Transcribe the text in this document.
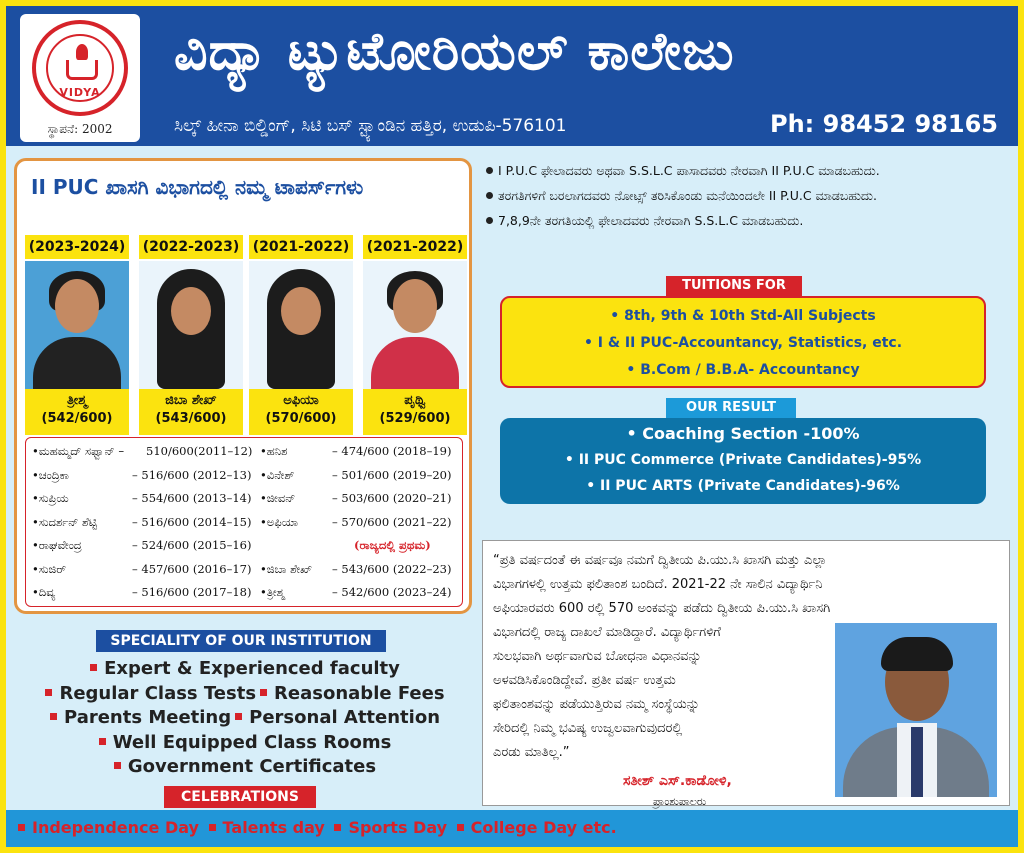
VIDYA
ಸ್ಥಾಪನೆ: 2002
ವಿದ್ಯಾ ಟ್ಯುಟೋರಿಯಲ್ ಕಾಲೇಜು
ಸಿಲ್ಕ್ ಹೀನಾ ಬಿಲ್ಡಿಂಗ್, ಸಿಟಿ ಬಸ್ ಸ್ಟ್ಯಾಂಡಿನ ಹತ್ತಿರ, ಉಡುಪಿ-576101	Ph: 98452 98165
II PUC ಖಾಸಗಿ ವಿಭಾಗದಲ್ಲಿ ನಮ್ಮ ಟಾಪರ್ಸ್‌ಗಳು
(2023-2024)
ತ್ರೀಶ್ಮ
(542/600)
(2022-2023)
ಜಿಬಾ ಶೇಖ್
(543/600)
(2021-2022)
ಅಫಿಯಾ
(570/600)
(2021-2022)
ಪೃಥ್ವಿ
(529/600)
•ಮಹಮ್ಮದ್ ಸಫ್ವಾನ್ – 510/600(2011–12)
•ಚಂದ್ರಿಕಾ	– 516/600 (2012–13)
•ಸುಪ್ರಿಯ	– 554/600 (2013–14)
•ಸುದರ್ಶನ್ ಶೆಟ್ಟಿ	– 516/600 (2014–15)
•ರಾಘವೇಂದ್ರ	– 524/600 (2015–16)
•ಸುಜಿರ್	– 457/600 (2016–17)
•ದಿವ್ಯ	– 516/600 (2017–18)
•ಹನಿಶ	– 474/600 (2018–19)
•ವಿನೇಶ್	– 501/600 (2019–20)
•ಜೀವನ್	– 503/600 (2020–21)
•ಅಫಿಯಾ	– 570/600 (2021–22)
(ರಾಜ್ಯದಲ್ಲಿ ಪ್ರಥಮ)
•ಜಿಬಾ ಶೇಖ್ – 543/600 (2022–23)
•ತ್ರೀಶ್ಮ	– 542/600 (2023–24)
SPECIALITY OF OUR INSTITUTION
Expert & Experienced faculty
Regular Class Tests Reasonable Fees
Parents Meeting Personal Attention
Well Equipped Class Rooms
Government Certificates
CELEBRATIONS
Independence Day Talents day Sports Day College Day etc.
I P.U.C ಫೇಲಾದವರು ಅಥವಾ S.S.L.C ಪಾಸಾದವರು ನೇರವಾಗಿ II P.U.C ಮಾಡಬಹುದು.
ತರಗತಿಗಳಿಗೆ ಬರಲಾಗದವರು ನೋಟ್ಸ್ ತರಿಸಿಕೊಂಡು ಮನೆಯಿಂದಲೇ II P.U.C ಮಾಡಬಹುದು.
7,8,9ನೇ ತರಗತಿಯಲ್ಲಿ ಫೇಲಾದವರು ನೇರವಾಗಿ S.S.L.C ಮಾಡಬಹುದು.
TUITIONS FOR
• 8th, 9th & 10th Std-All Subjects
• I & II PUC-Accountancy, Statistics, etc.
• B.Com / B.B.A- Accountancy
OUR RESULT
• Coaching Section -100%
• II PUC Commerce (Private Candidates)-95%
• II PUC ARTS (Private Candidates)-96%
“ಪ್ರತಿ ವರ್ಷದಂತೆ ಈ ವರ್ಷವೂ ನಮಗೆ ದ್ವಿತೀಯ ಪಿ.ಯು.ಸಿ ಖಾಸಗಿ ಮತ್ತು ಎಲ್ಲಾ
ವಿಭಾಗಗಳಲ್ಲಿ ಉತ್ತಮ ಫಲಿತಾಂಶ ಬಂದಿದೆ. 2021-22 ನೇ ಸಾಲಿನ ವಿದ್ಯಾರ್ಥಿನಿ
ಅಫಿಯಾರವರು 600 ರಲ್ಲಿ 570 ಅಂಕವನ್ನು ಪಡೆದು ದ್ವಿತೀಯ ಪಿ.ಯು.ಸಿ ಖಾಸಗಿ
ವಿಭಾಗದಲ್ಲಿ ರಾಜ್ಯ ದಾಖಲೆ ಮಾಡಿದ್ದಾರೆ. ವಿದ್ಯಾರ್ಥಿಗಳಿಗೆ
ಸುಲಭವಾಗಿ ಅರ್ಥವಾಗುವ ಬೋಧನಾ ವಿಧಾನವನ್ನು
ಅಳವಡಿಸಿಕೊಂಡಿದ್ದೇವೆ. ಪ್ರತೀ ವರ್ಷ ಉತ್ತಮ
ಫಲಿತಾಂಶವನ್ನು ಪಡೆಯುತ್ತಿರುವ ನಮ್ಮ ಸಂಸ್ಥೆಯನ್ನು
ಸೇರಿದಲ್ಲಿ ನಿಮ್ಮ ಭವಿಷ್ಯ ಉಜ್ವಲವಾಗುವುದರಲ್ಲಿ
ಎರಡು ಮಾತಿಲ್ಲ.”
ಸತೀಶ್ ಎಸ್.ಕಾಡೋಳಿ,
ಪ್ರಾಂಶುಪಾಲರು
